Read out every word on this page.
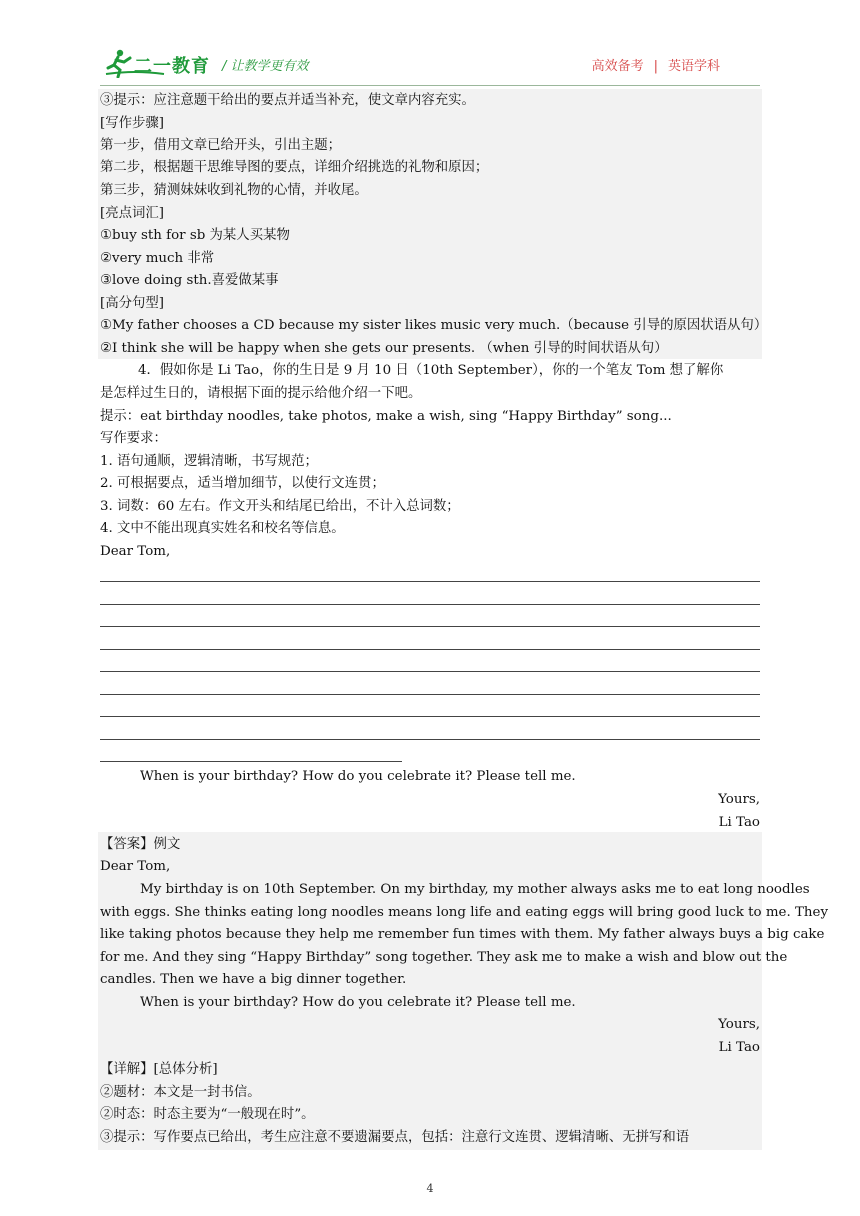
二一教育 / 让教学更有效	高效备考 | 英语学科
③提示：应注意题干给出的要点并适当补充，使文章内容充实。
[写作步骤]
第一步，借用文章已给开头，引出主题；
第二步，根据题干思维导图的要点，详细介绍挑选的礼物和原因；
第三步，猜测妹妹收到礼物的心情，并收尾。
[亮点词汇]
①buy sth for sb 为某人买某物
②very much 非常
③love doing sth.喜爱做某事
[高分句型]
①My father chooses a CD because my sister likes music very much.（because 引导的原因状语从句）
②I think she will be happy when she gets our presents. （when 引导的时间状语从句）
4．假如你是 Li Tao，你的生日是 9 月 10 日（10th September），你的一个笔友 Tom 想了解你
是怎样过生日的，请根据下面的提示给他介绍一下吧。
提示：eat birthday noodles, take photos, make a wish, sing “Happy Birthday” song...
写作要求：
1. 语句通顺，逻辑清晰，书写规范；
2. 可根据要点，适当增加细节，以使行文连贯；
3. 词数：60 左右。作文开头和结尾已给出，不计入总词数；
4. 文中不能出现真实姓名和校名等信息。
Dear Tom,
When is your birthday? How do you celebrate it? Please tell me.
Yours,
Li Tao
【答案】例文
Dear Tom,
My birthday is on 10th September. On my birthday, my mother always asks me to eat long noodles
with eggs. She thinks eating long noodles means long life and eating eggs will bring good luck to me. They
like taking photos because they help me remember fun times with them. My father always buys a big cake
for me. And they sing “Happy Birthday” song together. They ask me to make a wish and blow out the
candles. Then we have a big dinner together.
When is your birthday? How do you celebrate it? Please tell me.
Yours,
Li Tao
【详解】[总体分析]
②题材：本文是一封书信。
②时态：时态主要为“一般现在时”。
③提示：写作要点已给出，考生应注意不要遗漏要点，包括：注意行文连贯、逻辑清晰、无拼写和语
4
